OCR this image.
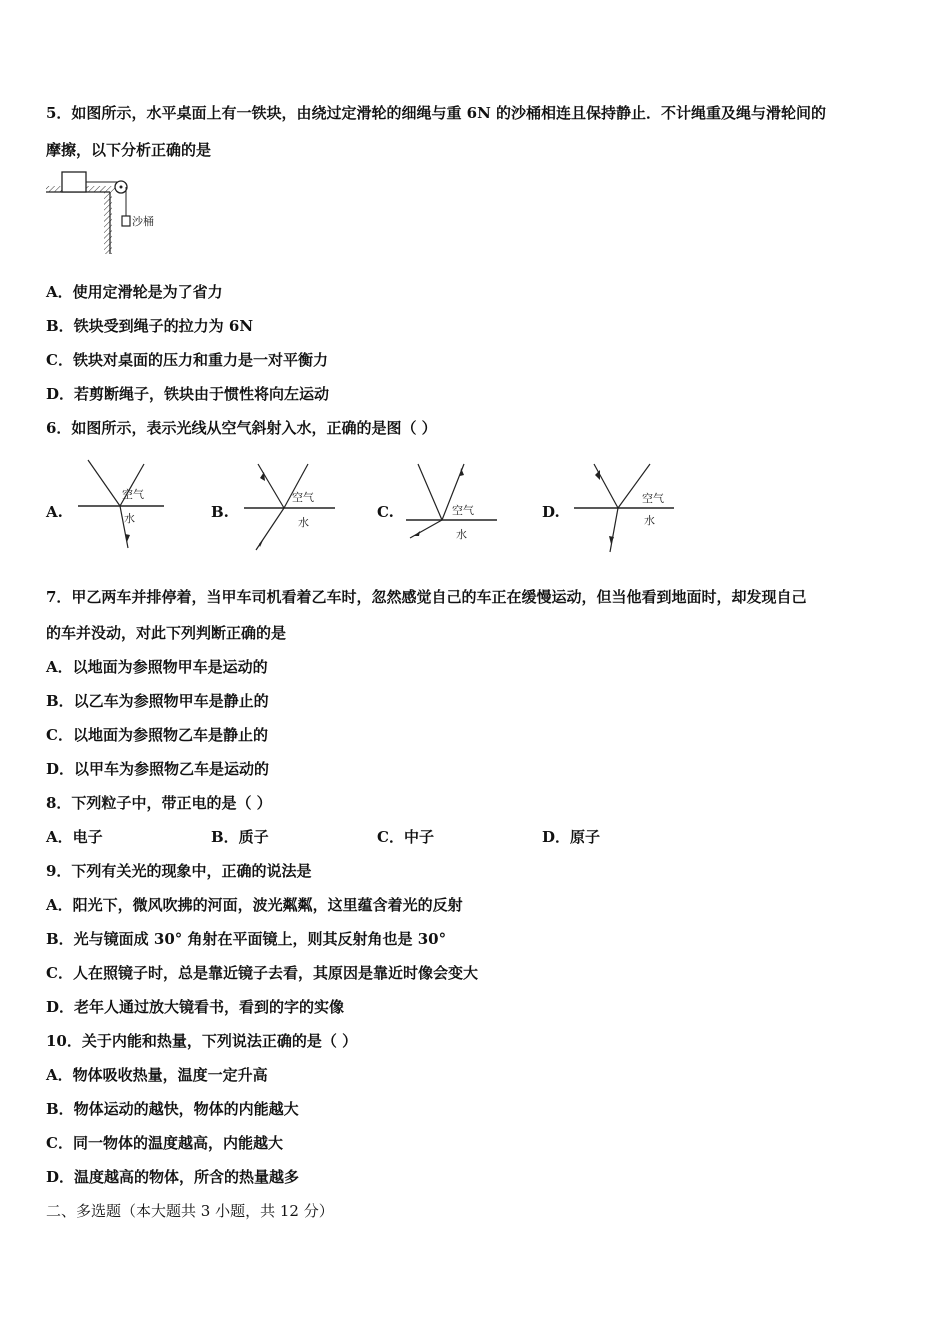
5．如图所示，水平桌面上有一铁块，由绕过定滑轮的细绳与重 6N 的沙桶相连且保持静止．不计绳重及绳与滑轮间的
摩擦，以下分析正确的是
沙桶
A．使用定滑轮是为了省力
B．铁块受到绳子的拉力为 6N
C．铁块对桌面的压力和重力是一对平衡力
D．若剪断绳子，铁块由于惯性将向左运动
6．如图所示，表示光线从空气斜射入水，正确的是图（ ）
A.
空气
水	B.
空气
水
C.	空气
水
D.
空气
水
7．甲乙两车并排停着，当甲车司机看着乙车时，忽然感觉自己的车正在缓慢运动，但当他看到地面时，却发现自己
的车并没动，对此下列判断正确的是
A．以地面为参照物甲车是运动的
B．以乙车为参照物甲车是静止的
C．以地面为参照物乙车是静止的
D．以甲车为参照物乙车是运动的
8．下列粒子中，带正电的是（ ）
A．电子	B．质子	C．中子	D．原子
9．下列有关光的现象中，正确的说法是
A．阳光下，微风吹拂的河面，波光粼粼，这里蕴含着光的反射
B．光与镜面成 30° 角射在平面镜上，则其反射角也是 30°
C．人在照镜子时，总是靠近镜子去看，其原因是靠近时像会变大
D．老年人通过放大镜看书，看到的字的实像
10．关于内能和热量，下列说法正确的是（ ）
A．物体吸收热量，温度一定升高
B．物体运动的越快，物体的内能越大
C．同一物体的温度越高，内能越大
D．温度越高的物体，所含的热量越多
二、多选题（本大题共 3 小题，共 12 分）
